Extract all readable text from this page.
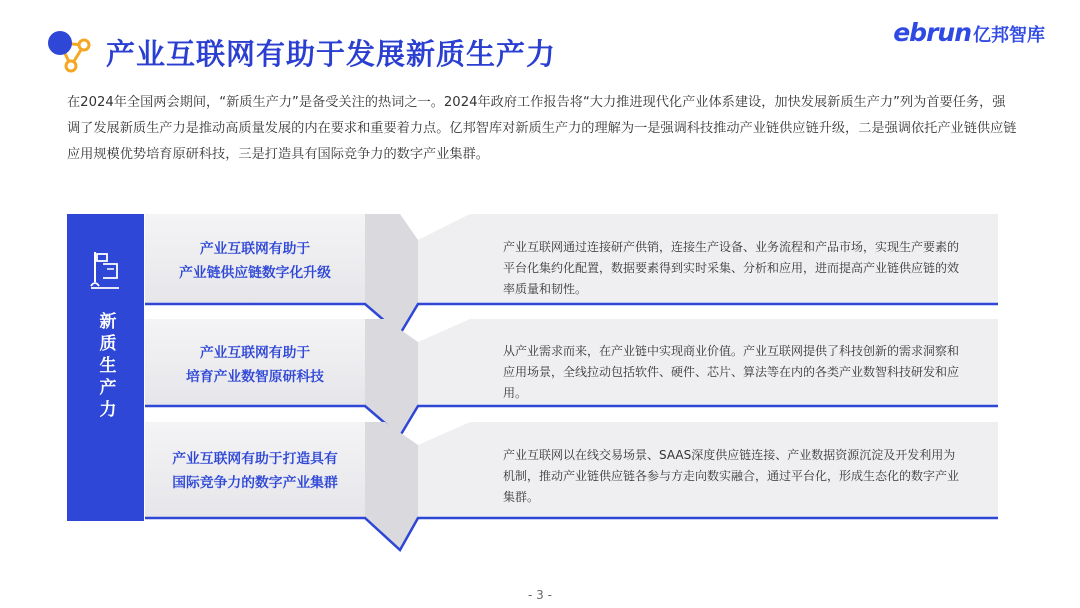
产业互联网有助于发展新质生产力
ebrun 亿邦智库

在2024年全国两会期间，“新质生产力”是备受关注的热词之一。2024年政府工作报告将“大力推进现代化产业体系建设，加快发展新质生产力”列为首要任务，强调了发展新质生产力是推动高质量发展的内在要求和重要着力点。亿邦智库对新质生产力的理解为一是强调科技推动产业链供应链升级，二是强调依托产业链供应链应用规模优势培育原研科技，三是打造具有国际竞争力的数字产业集群。

新质生产力
产业互联网有助于
产业链供应链数字化升级
产业互联网有助于
培育产业数智原研科技
产业互联网有助于打造具有
国际竞争力的数字产业集群

产业互联网通过连接研产供销，连接生产设备、业务流程和产品市场，实现生产要素的平台化集约化配置，数据要素得到实时采集、分析和应用，进而提高产业链供应链的效率质量和韧性。

从产业需求而来，在产业链中实现商业价值。产业互联网提供了科技创新的需求洞察和应用场景，全线拉动包括软件、硬件、芯片、算法等在内的各类产业数智科技研发和应用。

产业互联网以在线交易场景、SAAS深度供应链连接、产业数据资源沉淀及开发利用为机制，推动产业链供应链各参与方走向数实融合，通过平台化，形成生态化的数字产业集群。

- 3 -
